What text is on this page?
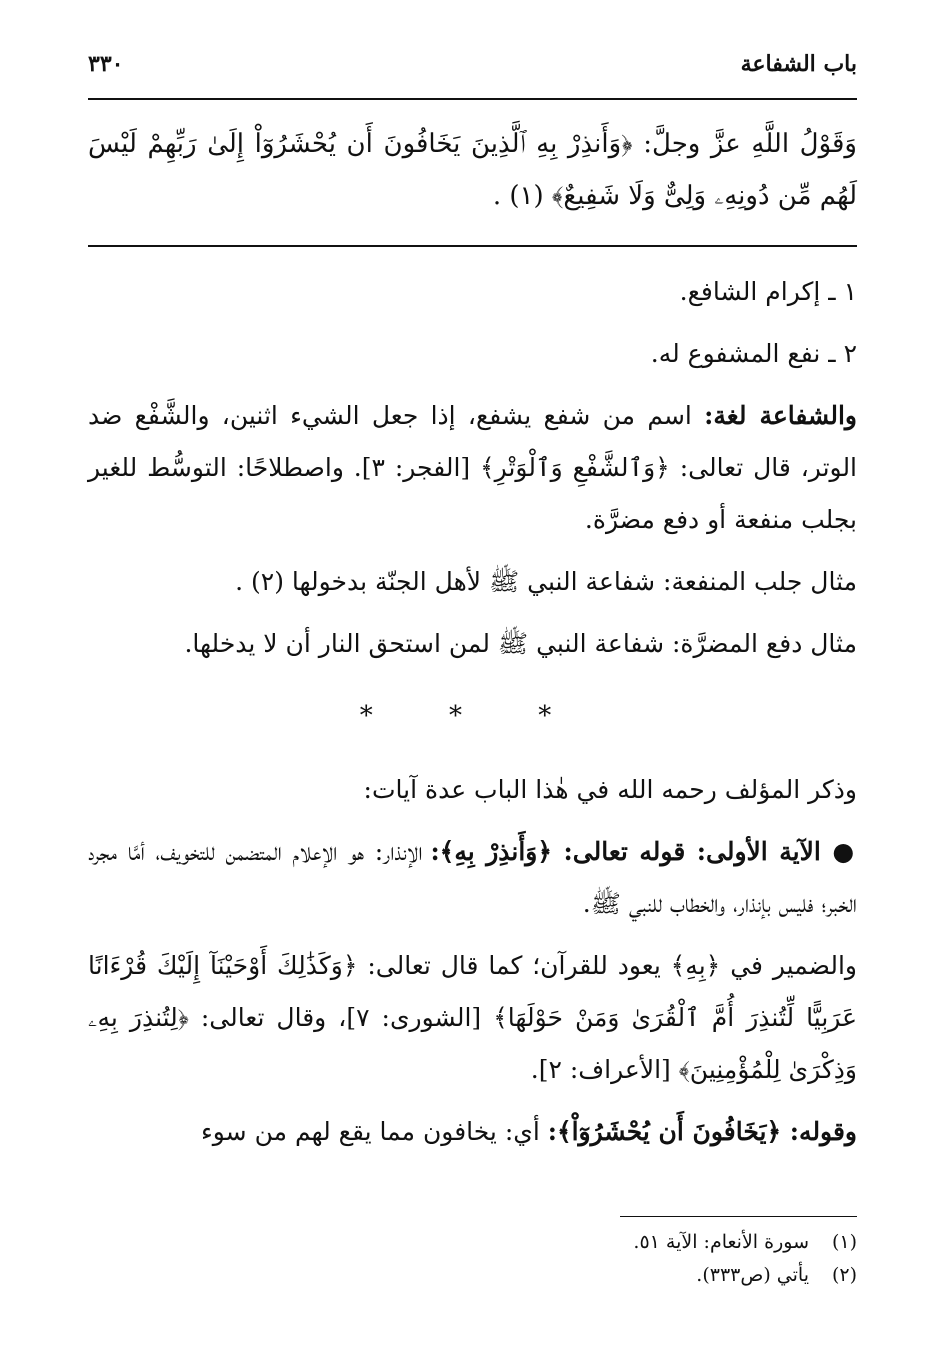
٣٣٠	باب الشفاعة

وَقَوْلُ اللَّهِ عزَّ وجلَّ: ﴿وَأَنذِرْ بِهِ ٱلَّذِينَ يَخَافُونَ أَن يُحْشَرُوٓاْ إِلَىٰ رَبِّهِمْ لَيْسَ لَهُم مِّن دُونِهِۦ وَلِىٌّ وَلَا شَفِيعٌ﴾ (١) .

١ ـ إكرام الشافع.

٢ ـ نفع المشفوع له.

والشفاعة لغة: اسم من شفع يشفع، إذا جعل الشيء اثنين، والشَّفْع ضد الوتر، قال تعالى: ﴿وَٱلشَّفْعِ وَٱلْوَتْرِ﴾ [الفجر: ٣]. واصطلاحًا: التوسُّط للغير بجلب منفعة أو دفع مضرَّة.

مثال جلب المنفعة: شفاعة النبي ﷺ لأهل الجنّة بدخولها (٢) .

مثال دفع المضرَّة: شفاعة النبي ﷺ لمن استحق النار أن لا يدخلها.

* * *

وذكر المؤلف رحمه الله في هٰذا الباب عدة آيات:

● الآية الأولى: قوله تعالى: ﴿وَأَنذِرْ بِهِ﴾: الإنذار: هو الإعلام المتضمن للتخويف، أمَّا مجرد الخبر؛ فليس بإنذار، والخطاب للنبي ﷺ.

والضمير في ﴿بِهِ﴾ يعود للقرآن؛ كما قال تعالى: ﴿وَكَذَٰلِكَ أَوْحَيْنَآ إِلَيْكَ قُرْءَانًا عَرَبِيًّا لِّتُنذِرَ أُمَّ ٱلْقُرَىٰ وَمَنْ حَوْلَهَا﴾ [الشورى: ٧]، وقال تعالى: ﴿لِتُنذِرَ بِهِۦ وَذِكْرَىٰ لِلْمُؤْمِنِينَ﴾ [الأعراف: ٢].

وقوله: ﴿يَخَافُونَ أَن يُحْشَرُوٓاْ﴾: أي: يخافون مما يقع لهم من سوء

(١)
سورة الأنعام: الآية ٥١.
(٢)
يأتي (ص٣٣٣).
